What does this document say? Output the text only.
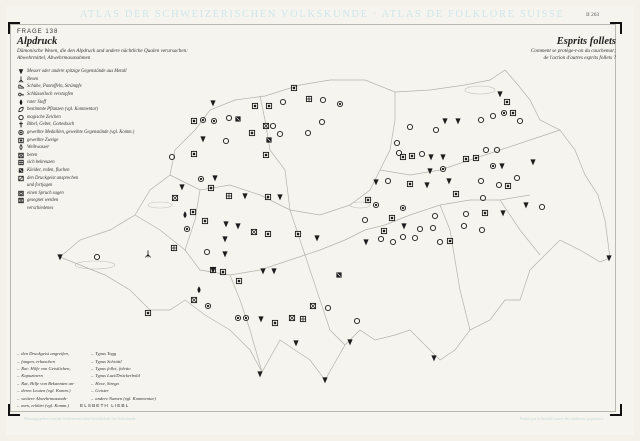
ATLAS DER SCHWEIZERISCHEN VOLKSKUNDE · ATLAS DE FOLKLORE SUISSE	II 263
FRAGE 138
Alpdruck
Dämonische Wesen, die den Alpdruck und andere nächtliche Qualen verursachen:
Abwehrmittel, Abwehrmassnahmen
Esprits follets
Comment se protège-t-on du cauchemar;
de l'action d'autres esprits follets ?
Messer oder andere spitzige Gegenstände aus Metall
Besen
Schuhe, Pantoffeln, Strümpfe
Schlüsselloch verstopfen
roter Stoff
bestimmte Pflanzen (vgl. Kommentar)
magische Zeichen
Bibel, Gebet, Gottesbuch
geweihte Medaillen, geweihte Gegenstände (vgl. Komm.)
geweihte Zweige
Weihwasser
beten
sich bekreuzen
Kleider, reden, fluchen
den Druckgeist ansprechen
und fortjagen
einen Spruch sagen
gesegnet werden
verschiedenes
– den Druckgeist angreifen,
– fangen, erhaschen
– Rat: Hilfe von Geistlichen,
– Kapuzinern
– Rat, Hilfe von Bekannten an-
– deren Leuten (vgl. Komm.)
– weitere Abwehrmassnah-
– men, erklärt (vgl. Komm.)
– Typus Togg
– Typus Schrättl
– Typus follet, foletto
– Typus Luzi/Drückerbold
– Hexe, Strega
– Geister
– andere Namen (vgl. Kommentar)
ELSBETH LIEBL
Herausgegeben von der Schweizerischen Gesellschaft für Volkskunde	Publié par la Société suisse des traditions populaires
